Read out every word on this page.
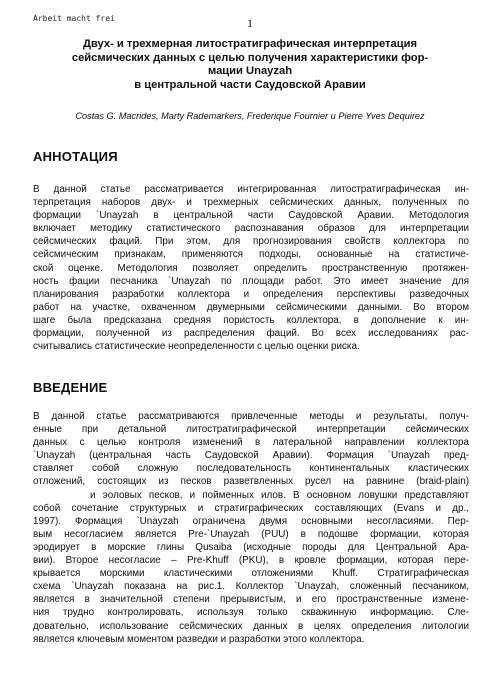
Arbeit macht frei	1
Двух- и трехмерная литостратиграфическая интерпретация
сейсмических данных с целью получения характеристики фор-
мации Unayzah
в центральной части Саудовской Аравии
Costas G. Macrides, Marty Rademarkers, Frederique Fournier и Pierre Yves Dequirez
АННОТАЦИЯ
В данной статье рассматривается интегрированная литостратиграфическая ин-
терпретация наборов двух- и трехмерных сейсмических данных, полученных по
формации `Unayzah в центральной части Саудовской Аравии. Методология
включает методику статистического распознавания образов для интерпретации
сейсмических фаций. При этом, для прогнозирования свойств коллектора по
сейсмическим признакам, применяются подходы, основанные на статистиче-
ской оценке. Методология позволяет определить пространственную протяжен-
ность фации песчаника `Unayzah по площади работ. Это имеет значение для
планирования разработки коллектора и определения перспективы разведочных
работ на участке, охваченном двумерными сейсмическими данными. Во втором
шаге была предсказана средняя пористость коллектора, в дополнение к ин-
формации, полученной из распределения фаций. Во всех исследованиях рас-
считывались статистические неопределенности с целью оценки риска.
ВВЕДЕНИЕ
В данной статье рассматриваются привлеченные методы и результаты, получ-
енные при детальной литостратиграфической интерпретации сейсмических
данных с целью контроля изменений в латеральной направлении коллектора
`Unayzah (центральная часть Саудовской Аравии). Формация `Unayzah пред-
ставляет собой сложную последовательность континентальных кластических
отложений, состоящих из песков разветвленных русел на равнине (braid-plain)
и эоловых песков, и пойменных илов. В основном ловушки представляют
собой сочетание структурных и стратиграфических составляющих (Evans и др.,
1997). Формация `Unayzah ограничена двумя основными несогласиями. Пер-
вым несогласием является Pre-`Unayzah (PUU) в подошве формации, которая
эродирует в морские глины Qusaiba (исходные породы для Центральной Ара-
вии). Второе несогласие – Pre-Khuff (PKU), в кровле формации, которая пере-
крывается морскими кластическими отложениями Khuff. Стратиграфическая
схема `Unayzah показана на рис.1. Коллектор `Unayzah, сложенный песчаником,
является в значительной степени прерывистым, и его пространственные измене-
ния трудно контролировать, используя только скважинную информацию. Сле-
довательно, использование сейсмических данных в целях определения литологии
является ключевым моментом разведки и разработки этого коллектора.
